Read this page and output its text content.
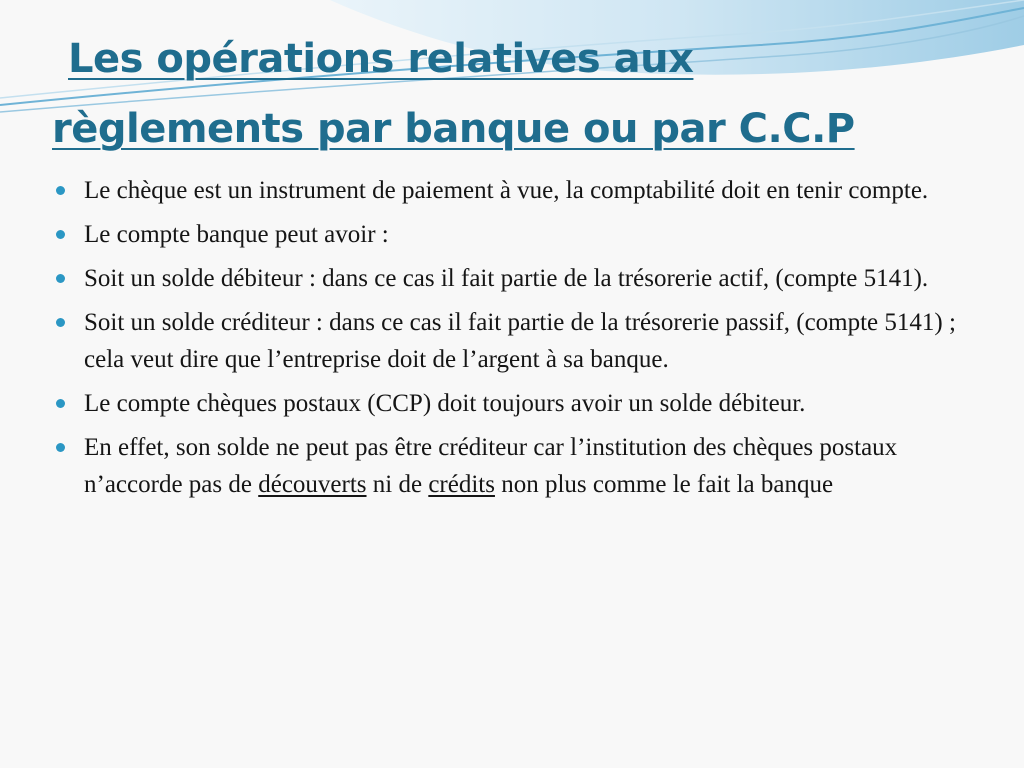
Les opérations relatives aux
règlements par banque ou par C.C.P
Le chèque est un instrument de paiement à vue, la comptabilité doit en tenir compte.
Le compte banque peut avoir :
Soit un solde débiteur : dans ce cas il fait partie de la trésorerie actif, (compte 5141).
Soit un solde créditeur : dans ce cas il fait partie de la trésorerie passif, (compte 5141) ; cela veut dire que l’entreprise doit de l’argent à sa banque.
Le compte chèques postaux (CCP) doit toujours avoir un solde débiteur.
En effet, son solde ne peut pas être créditeur car l’institution des chèques postaux n’accorde pas de découverts ni de crédits non plus comme le fait la banque
